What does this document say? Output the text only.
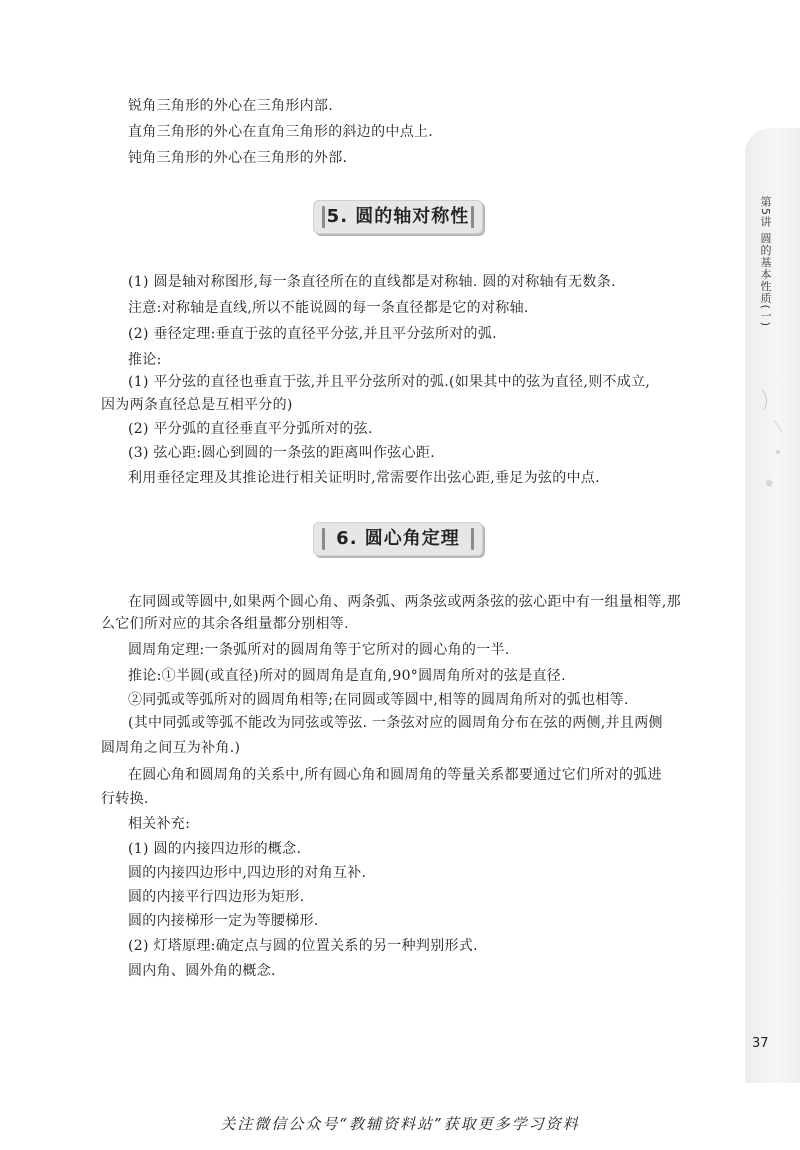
第5讲 圆的基本性质(一)
锐角三角形的外心在三角形内部.
直角三角形的外心在直角三角形的斜边的中点上.
钝角三角形的外心在三角形的外部.
5. 圆的轴对称性
(1) 圆是轴对称图形,每一条直径所在的直线都是对称轴. 圆的对称轴有无数条.
注意:对称轴是直线,所以不能说圆的每一条直径都是它的对称轴.
(2) 垂径定理:垂直于弦的直径平分弦,并且平分弦所对的弧.
推论:
(1) 平分弦的直径也垂直于弦,并且平分弦所对的弧.(如果其中的弦为直径,则不成立,
因为两条直径总是互相平分的)
(2) 平分弧的直径垂直平分弧所对的弦.
(3) 弦心距:圆心到圆的一条弦的距离叫作弦心距.
利用垂径定理及其推论进行相关证明时,常需要作出弦心距,垂足为弦的中点.
6. 圆心角定理
在同圆或等圆中,如果两个圆心角、两条弧、两条弦或两条弦的弦心距中有一组量相等,那
么它们所对应的其余各组量都分别相等.
圆周角定理:一条弧所对的圆周角等于它所对的圆心角的一半.
推论:①半圆(或直径)所对的圆周角是直角,90°圆周角所对的弦是直径.
②同弧或等弧所对的圆周角相等;在同圆或等圆中,相等的圆周角所对的弧也相等.
(其中同弧或等弧不能改为同弦或等弦. 一条弦对应的圆周角分布在弦的两侧,并且两侧
圆周角之间互为补角.)
在圆心角和圆周角的关系中,所有圆心角和圆周角的等量关系都要通过它们所对的弧进
行转换.
相关补充:
(1) 圆的内接四边形的概念.
圆的内接四边形中,四边形的对角互补.
圆的内接平行四边形为矩形.
圆的内接梯形一定为等腰梯形.
(2) 灯塔原理:确定点与圆的位置关系的另一种判别形式.
圆内角、圆外角的概念.
37
关注微信公众号“教辅资料站”获取更多学习资料
